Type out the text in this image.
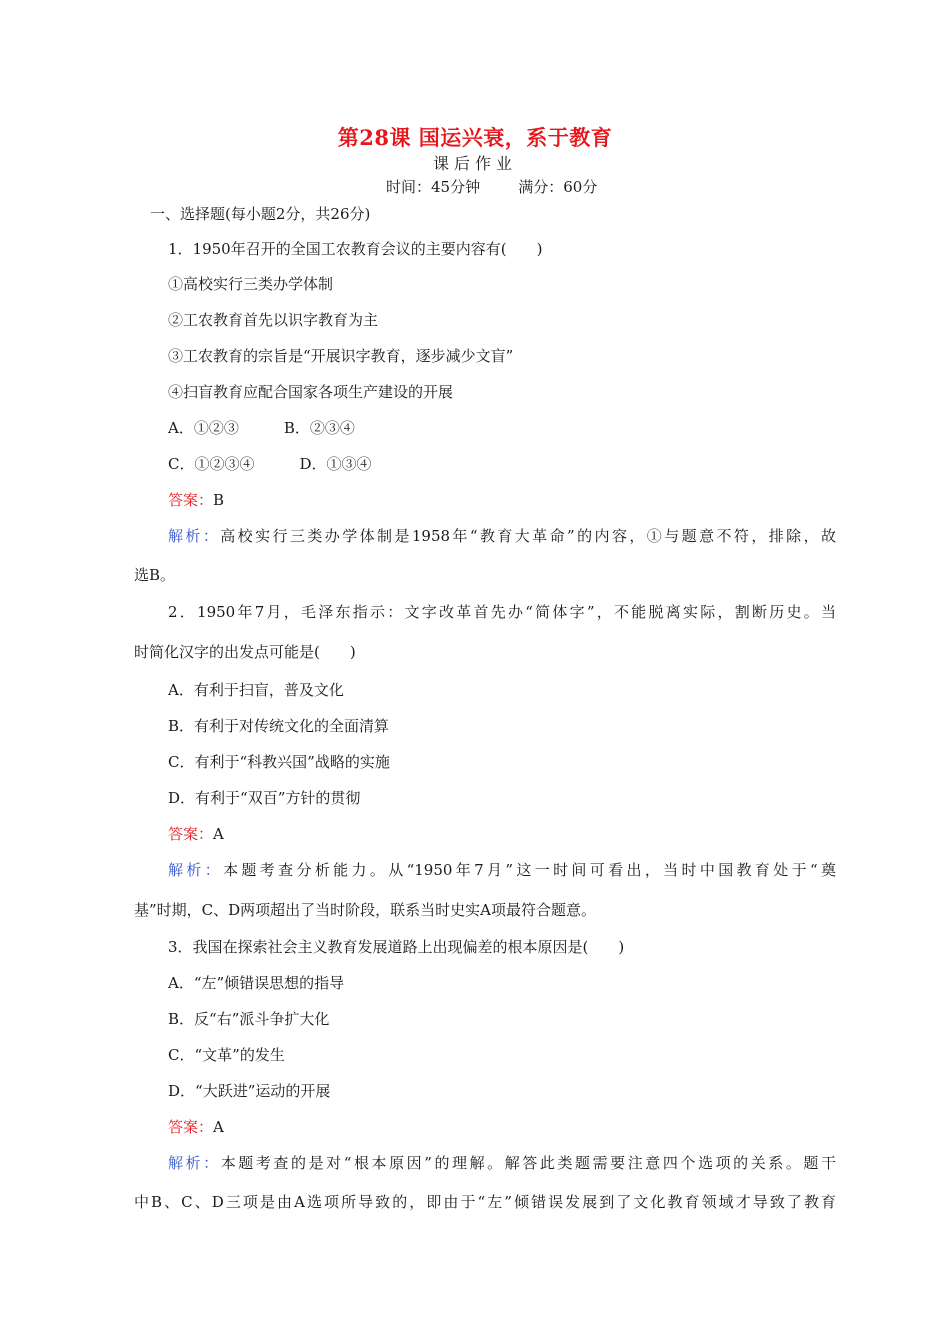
第28课 国运兴衰，系于教育
课后作业
时间：45分钟	满分：60分
一、选择题(每小题2分，共26分)
1．1950年召开的全国工农教育会议的主要内容有(　　)
①高校实行三类办学体制
②工农教育首先以识字教育为主
③工农教育的宗旨是“开展识字教育，逐步减少文盲”
④扫盲教育应配合国家各项生产建设的开展
A．①②③　　　B．②③④
C．①②③④　　　D．①③④
答案：B
解析：高校实行三类办学体制是1958年“教育大革命”的内容，①与题意不符，排除，故
选B。
2．1950年7月，毛泽东指示：文字改革首先办“简体字”，不能脱离实际，割断历史。当
时简化汉字的出发点可能是(　　)
A．有利于扫盲，普及文化
B．有利于对传统文化的全面清算
C．有利于“科教兴国”战略的实施
D．有利于“双百”方针的贯彻
答案：A
解析：本题考查分析能力。从“1950年7月”这一时间可看出，当时中国教育处于“奠
基”时期，C、D两项超出了当时阶段，联系当时史实A项最符合题意。
3．我国在探索社会主义教育发展道路上出现偏差的根本原因是(　　)
A．“左”倾错误思想的指导
B．反“右”派斗争扩大化
C．“文革”的发生
D．“大跃进”运动的开展
答案：A
解析：本题考查的是对“根本原因”的理解。解答此类题需要注意四个选项的关系。题干
中B、C、D三项是由A选项所导致的，即由于“左”倾错误发展到了文化教育领域才导致了教育
